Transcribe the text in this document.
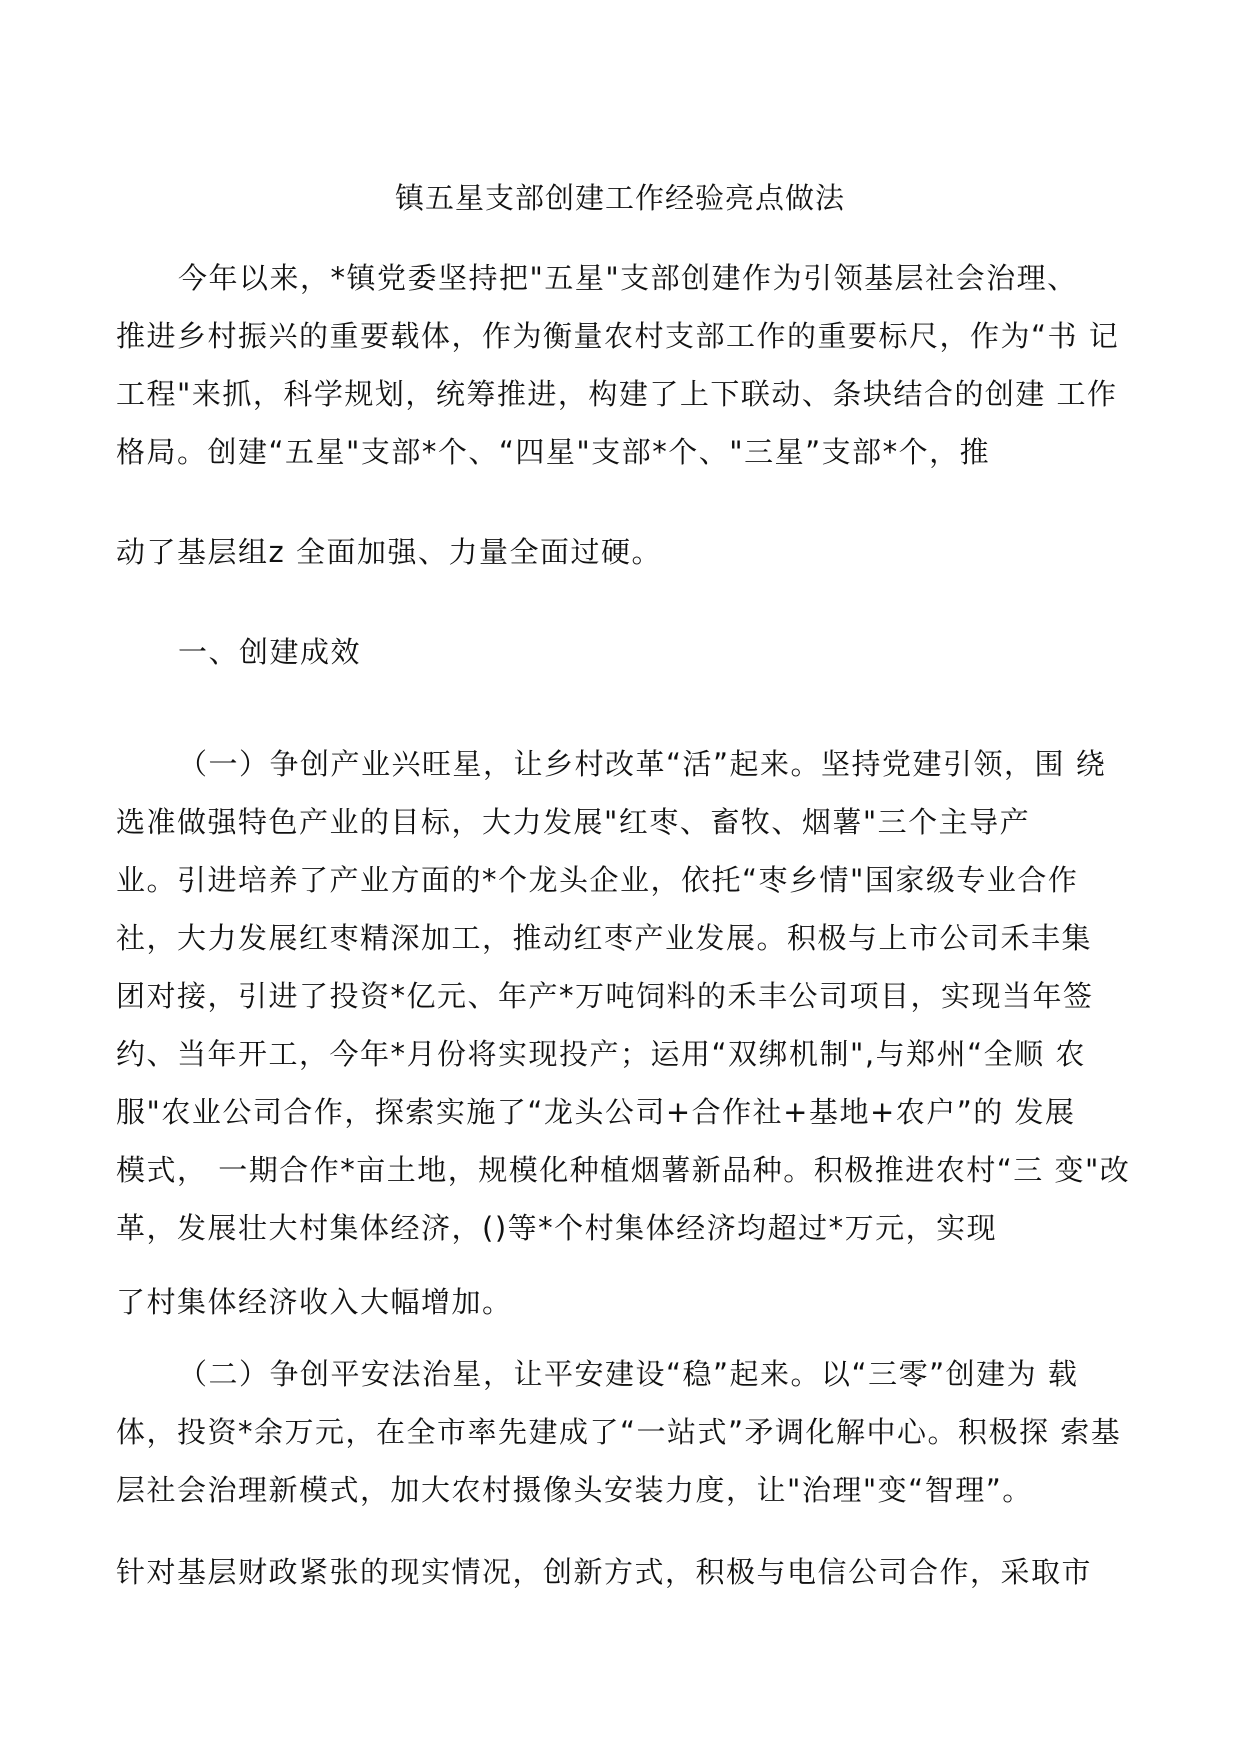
镇五星支部创建工作经验亮点做法
今年以来，*镇党委坚持把"五星"支部创建作为引领基层社会治理、
推进乡村振兴的重要载体，作为衡量农村支部工作的重要标尺，作为“书 记
工程"来抓，科学规划，统筹推进，构建了上下联动、条块结合的创建 工作
格局。创建“五星"支部*个、“四星"支部*个、"三星”支部*个，推
动了基层组z 全面加强、力量全面过硬。
一、创建成效
（一）争创产业兴旺星，让乡村改革“活”起来。坚持党建引领，围 绕
选准做强特色产业的目标，大力发展"红枣、畜牧、烟薯"三个主导产
业。引进培养了产业方面的*个龙头企业，依托“枣乡情"国家级专业合作
社，大力发展红枣精深加工，推动红枣产业发展。积极与上市公司禾丰集
团对接，引进了投资*亿元、年产*万吨饲料的禾丰公司项目，实现当年签
约、当年开工，今年*月份将实现投产；运用“双绑机制",与郑州“全顺 农
服"农业公司合作，探索实施了“龙头公司+合作社+基地+农户”的 发展
模式， 一期合作*亩土地，规模化种植烟薯新品种。积极推进农村“三 变"改
革，发展壮大村集体经济，()等*个村集体经济均超过*万元，实现
了村集体经济收入大幅增加。
（二）争创平安法治星，让平安建设“稳”起来。以“三零”创建为 载
体，投资*余万元，在全市率先建成了“一站式”矛调化解中心。积极探 索基
层社会治理新模式，加大农村摄像头安装力度，让"治理"变“智理”。
针对基层财政紧张的现实情况，创新方式，积极与电信公司合作，采取市
